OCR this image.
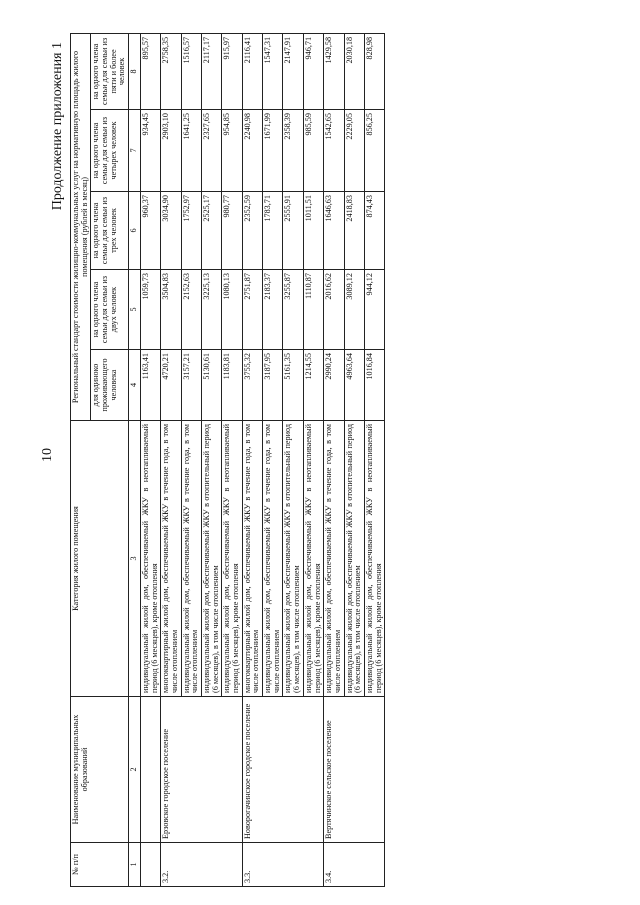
10
Продолжение приложения 1
№ п/п	Наименование муниципальных образований	Категория жилого помещения	Региональный стандарт стоимости жилищно-коммунальных услуг на нормативную площадь жилого помещения (рублей в месяц)				
			для одиноко проживающего человека	на одного члена семьи для семьи из двух человек	на одного члена семьи для семьи из трех человек	на одного члена семьи для семьи из четырех человек	на одного члена семьи для семьи из пяти и более человек
1	2	3	4	5	6	7	8
		индивидуальный жилой дом, обеспечиваемый ЖКУ в неотапливаемый период (6 месяцев), кроме отопления	1163,41	1059,73	960,37	934,45	895,57
3.2.	Ерзовское городское поселение	многоквартирный жилой дом, обеспечиваемый ЖКУ в течение года, в том числе отоплением	4720,21	3504,83	3034,90	2903,10	2758,35
		индивидуальный жилой дом, обеспечиваемый ЖКУ в течение года, в том числе отоплением	3157,21	2152,63	1752,97	1641,25	1516,57
		индивидуальный жилой дом, обеспечиваемый ЖКУ в отопительный период (6 месяцев), в том числе отоплением	5130,61	3225,13	2525,17	2327,65	2117,17
		индивидуальный жилой дом, обеспечиваемый ЖКУ в неотапливаемый период (6 месяцев), кроме отопления	1183,81	1080,13	980,77	954,85	915,97
3.3.	Новорогачинское городское поселение	многоквартирный жилой дом, обеспечиваемый ЖКУ в течение года, в том числе отоплением	3755,32	2751,87	2352,59	2240,98	2116,41
		индивидуальный жилой дом, обеспечиваемый ЖКУ в течение года, в том числе отоплением	3187,95	2183,37	1783,71	1671,99	1547,31
		индивидуальный жилой дом, обеспечиваемый ЖКУ в отопительный период (6 месяцев), в том числе отоплением	5161,35	3255,87	2555,91	2358,39	2147,91
		индивидуальный жилой дом, обеспечиваемый ЖКУ в неотапливаемый период (6 месяцев), кроме отопления	1214,55	1110,87	1011,51	985,59	946,71
3.4.	Вертячинское сельское поселение	индивидуальный жилой дом, обеспечиваемый ЖКУ в течение года, в том числе отоплением	2990,24	2016,62	1646,63	1542,65	1429,58
		индивидуальный жилой дом, обеспечиваемый ЖКУ в отопительный период (6 месяцев), в том числе отоплением	4963,64	3089,12	2418,83	2229,05	2030,18
		индивидуальный жилой дом, обеспечиваемый ЖКУ в неотапливаемый период (6 месяцев), кроме отопления	1016,84	944,12	874,43	856,25	828,98
